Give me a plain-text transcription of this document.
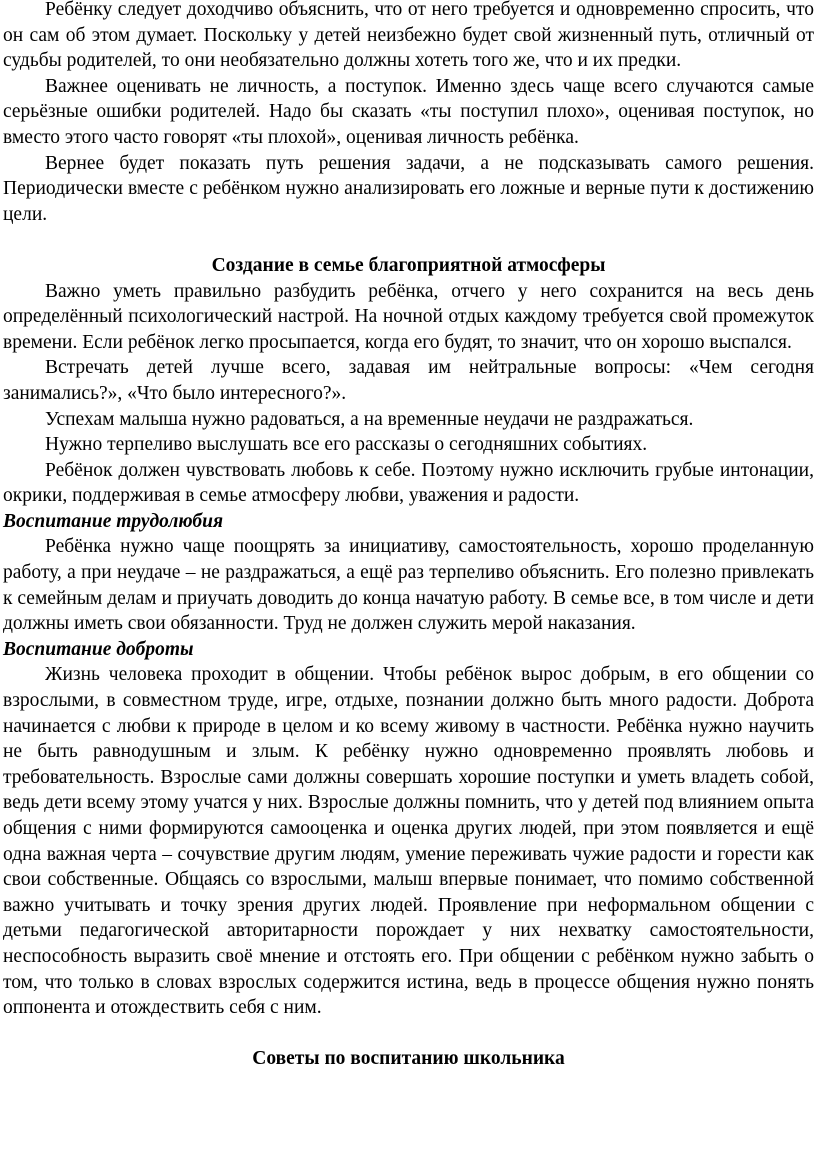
Ребёнку следует доходчиво объяснить, что от него требуется и одновременно спросить, что он сам об этом думает. Поскольку у детей неизбежно будет свой жизненный путь, отличный от судьбы родителей, то они необязательно должны хотеть того же, что и их предки.

Важнее оценивать не личность, а поступок. Именно здесь чаще всего случаются самые серьёзные ошибки родителей. Надо бы сказать «ты поступил плохо», оценивая поступок, но вместо этого часто говорят «ты плохой», оценивая личность ребёнка.

Вернее будет показать путь решения задачи, а не подсказывать самого решения. Периодически вместе с ребёнком нужно анализировать его ложные и верные пути к достижению цели.

Создание в семье благоприятной атмосферы

Важно уметь правильно разбудить ребёнка, отчего у него сохранится на весь день определённый психологический настрой. На ночной отдых каждому требуется свой промежуток времени. Если ребёнок легко просыпается, когда его будят, то значит, что он хорошо выспался.

Встречать детей лучше всего, задавая им нейтральные вопросы: «Чем сегодня занимались?», «Что было интересного?».

Успехам малыша нужно радоваться, а на временные неудачи не раздражаться.

Нужно терпеливо выслушать все его рассказы о сегодняшних событиях.

Ребёнок должен чувствовать любовь к себе. Поэтому нужно исключить грубые интонации, окрики, поддерживая в семье атмосферу любви, уважения и радости.

Воспитание трудолюбия

Ребёнка нужно чаще поощрять за инициативу, самостоятельность, хорошо проделанную работу, а при неудаче – не раздражаться, а ещё раз терпеливо объяснить. Его полезно привлекать к семейным делам и приучать доводить до конца начатую работу. В семье все, в том числе и дети должны иметь свои обязанности. Труд не должен служить мерой наказания.

Воспитание доброты

Жизнь человека проходит в общении. Чтобы ребёнок вырос добрым, в его общении со взрослыми, в совместном труде, игре, отдыхе, познании должно быть много радости. Доброта начинается с любви к природе в целом и ко всему живому в частности. Ребёнка нужно научить не быть равнодушным и злым. К ребёнку нужно одновременно проявлять любовь и требовательность. Взрослые сами должны совершать хорошие поступки и уметь владеть собой, ведь дети всему этому учатся у них. Взрослые должны помнить, что у детей под влиянием опыта общения с ними формируются самооценка и оценка других людей, при этом появляется и ещё одна важная черта – сочувствие другим людям, умение переживать чужие радости и горести как свои собственные. Общаясь со взрослыми, малыш впервые понимает, что помимо собственной важно учитывать и точку зрения других людей. Проявление при неформальном общении с детьми педагогической авторитарности порождает у них нехватку самостоятельности, неспособность выразить своё мнение и отстоять его. При общении с ребёнком нужно забыть о том, что только в словах взрослых содержится истина, ведь в процессе общения нужно понять оппонента и отождествить себя с ним.

Советы по воспитанию школьника
